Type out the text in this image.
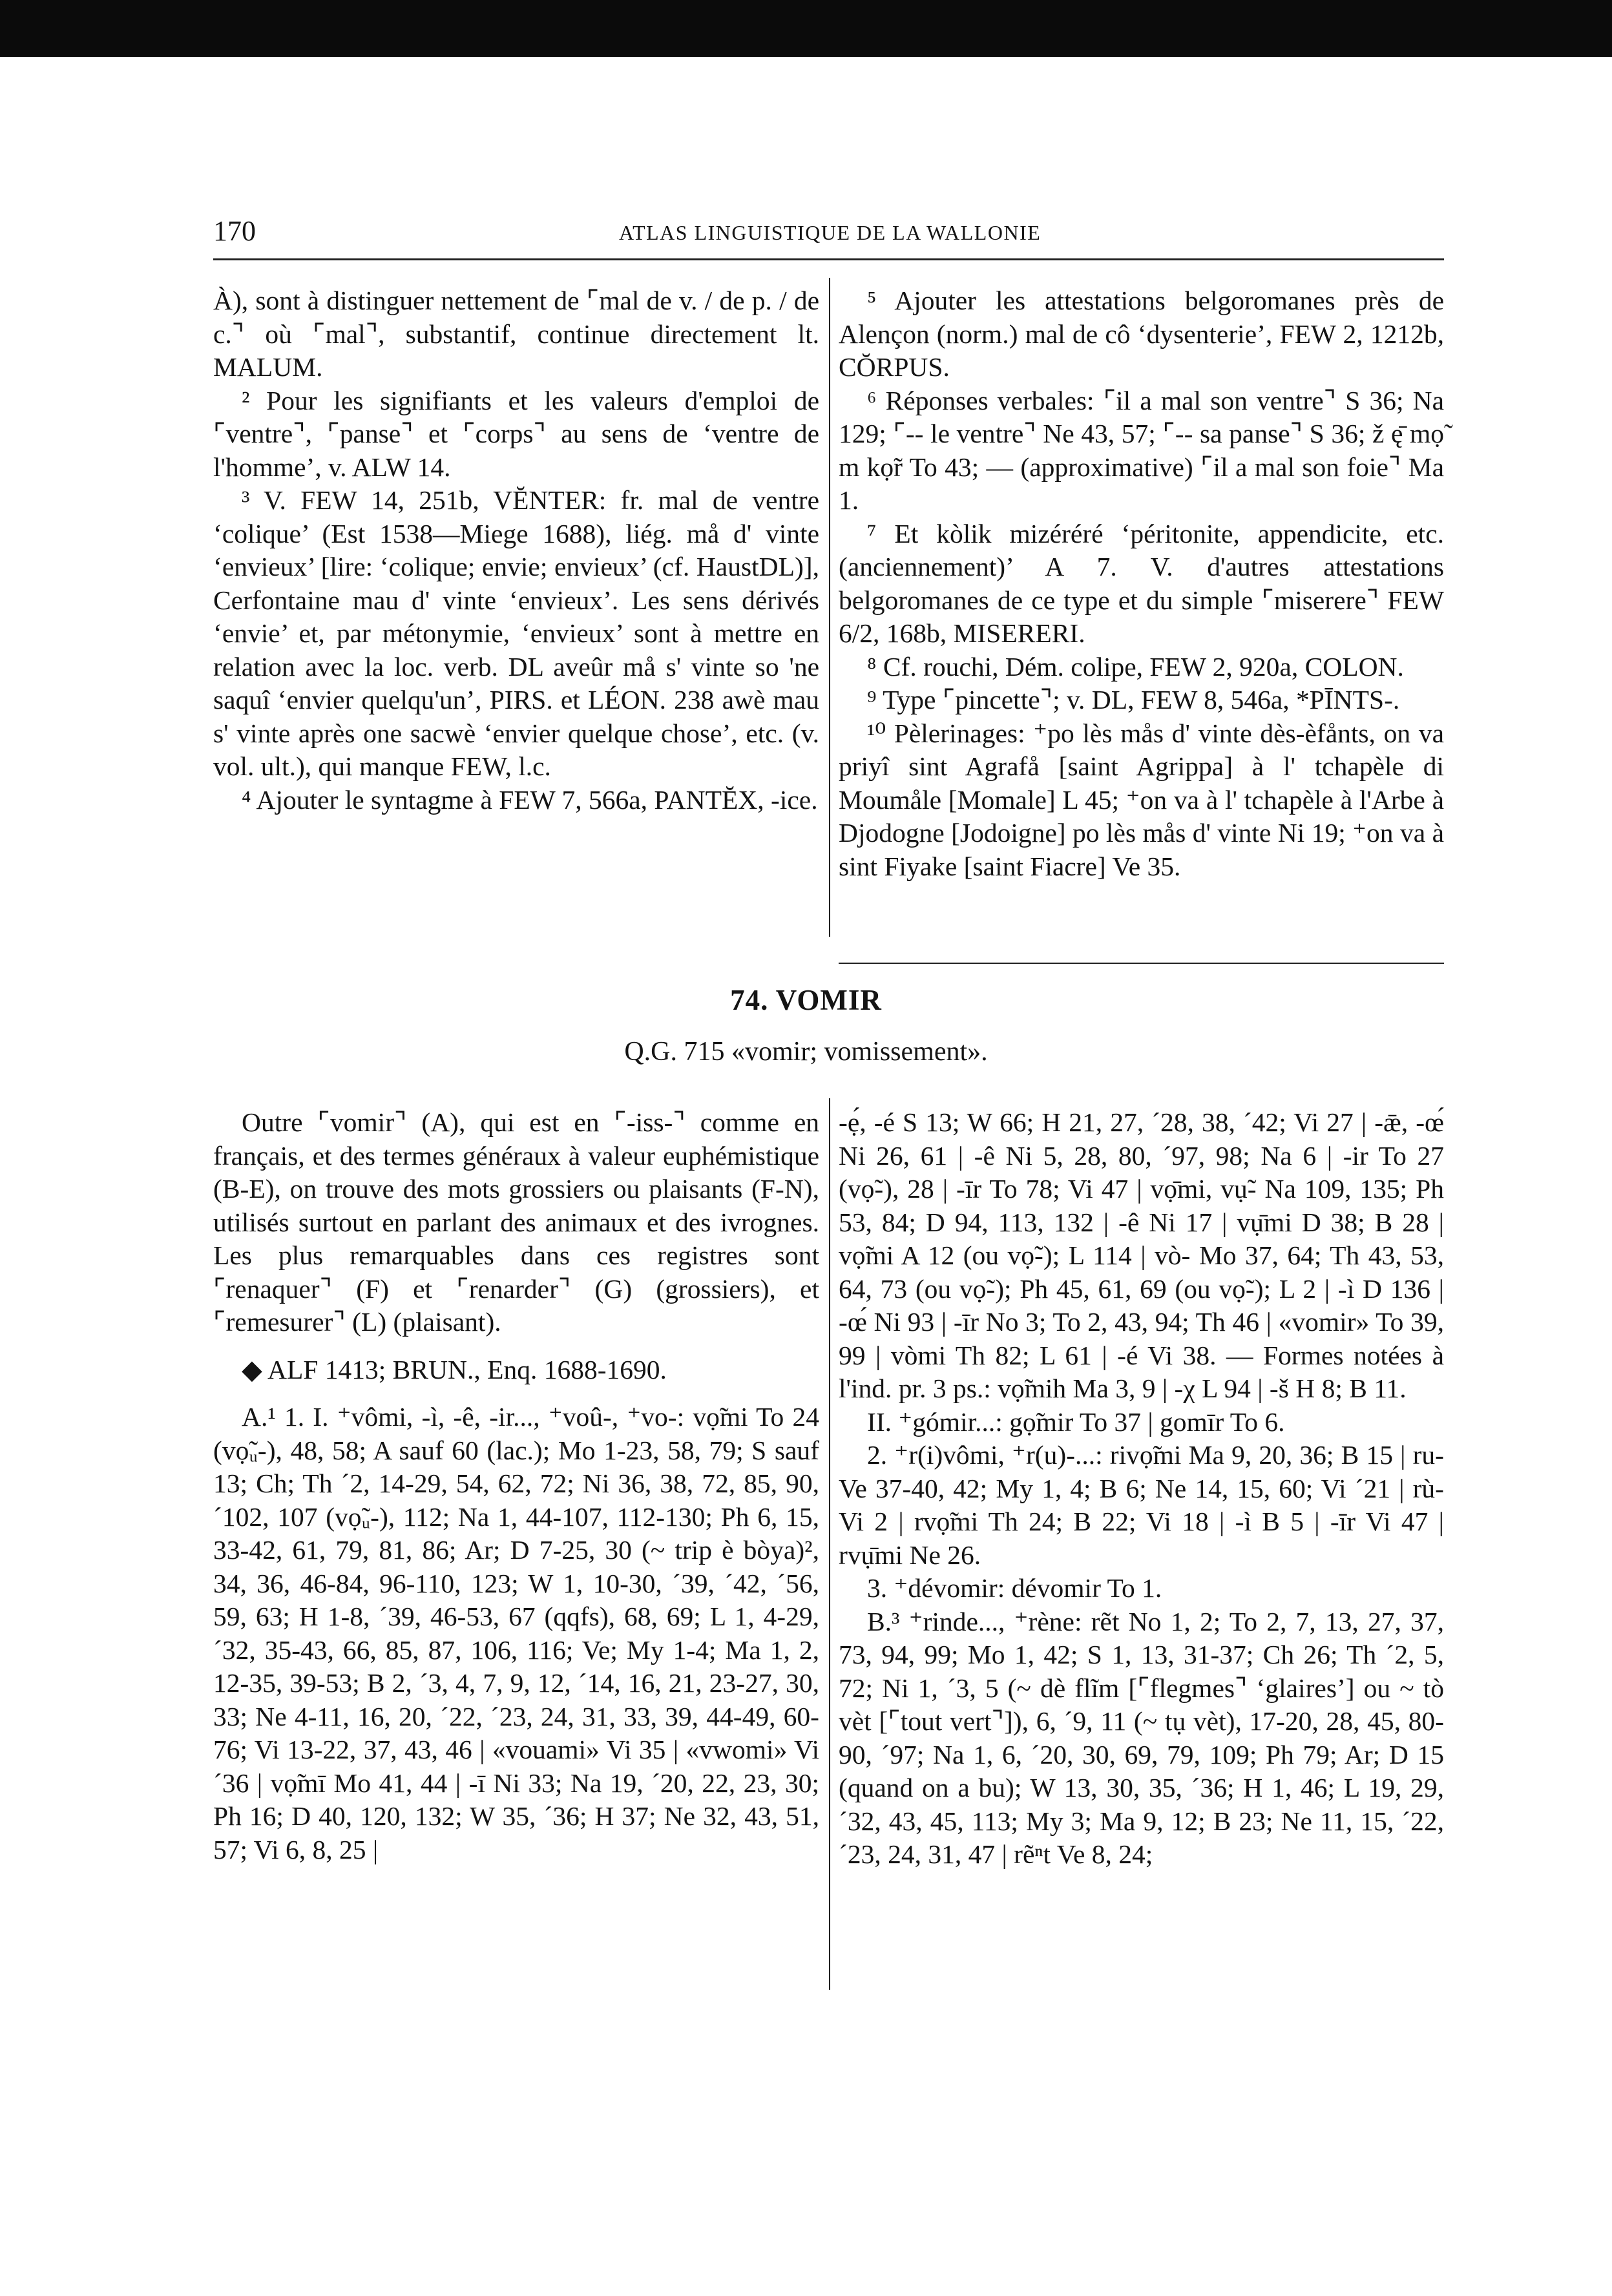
170	ATLAS LINGUISTIQUE DE LA WALLONIE

À), sont à distinguer nettement de ⌜mal de v. / de p. / de c.⌝ où ⌜mal⌝, substantif, continue directement lt. MALUM.

² Pour les signifiants et les valeurs d'emploi de ⌜ventre⌝, ⌜panse⌝ et ⌜corps⌝ au sens de ‘ventre de l'homme’, v. ALW 14.

³ V. FEW 14, 251b, VĔNTER: fr. mal de ventre ‘colique’ (Est 1538—Miege 1688), liég. må d' vinte ‘envieux’ [lire: ‘colique; envie; envieux’ (cf. HaustDL)], Cerfontaine mau d' vinte ‘envieux’. Les sens dérivés ‘envie’ et, par métonymie, ‘envieux’ sont à mettre en relation avec la loc. verb. DL aveûr må s' vinte so 'ne saquî ‘envier quelqu'un’, PIRS. et LÉON. 238 awè mau s' vinte après one sacwè ‘envier quelque chose’, etc. (v. vol. ult.), qui manque FEW, l.c.

⁴ Ajouter le syntagme à FEW 7, 566a, PANTĔX, -ice.

⁵ Ajouter les attestations belgoromanes près de Alençon (norm.) mal de cô ‘dysenterie’, FEW 2, 1212b, CŎRPUS.

⁶ Réponses verbales: ⌜il a mal son ventre⌝ S 36; Na 129; ⌜-- le ventre⌝ Ne 43, 57; ⌜-- sa panse⌝ S 36; ž ę̄ mọ̃ m kọ̃r To 43; — (approximative) ⌜il a mal son foie⌝ Ma 1.

⁷ Et kòlik mizéréré ‘péritonite, appendicite, etc. (anciennement)’ A 7. V. d'autres attestations belgoromanes de ce type et du simple ⌜miserere⌝ FEW 6/2, 168b, MISERERI.

⁸ Cf. rouchi, Dém. colipe, FEW 2, 920a, COLON.

⁹ Type ⌜pincette⌝; v. DL, FEW 8, 546a, *PĪNTS-.

¹⁰ Pèlerinages: ⁺po lès mås d' vinte dès-èfånts, on va priyî sint Agrafå [saint Agrippa] à l' tchapèle di Moumåle [Momale] L 45; ⁺on va à l' tchapèle à l'Arbe à Djodogne [Jodoigne] po lès mås d' vinte Ni 19; ⁺on va à sint Fiyake [saint Fiacre] Ve 35.

74. VOMIR
Q.G. 715 «vomir; vomissement».

Outre ⌜vomir⌝ (A), qui est en ⌜-iss-⌝ comme en français, et des termes généraux à valeur euphémistique (B-E), on trouve des mots grossiers ou plaisants (F-N), utilisés surtout en parlant des animaux et des ivrognes. Les plus remarquables dans ces registres sont ⌜renaquer⌝ (F) et ⌜renarder⌝ (G) (grossiers), et ⌜remesurer⌝ (L) (plaisant).

◆ ALF 1413; BRUN., Enq. 1688-1690.

A.¹ 1. I. ⁺vômi, -ì, -ê, -ir..., ⁺voû-, ⁺vo-: vọ̃mi To 24 (vọ̃ᵤ-), 48, 58; A sauf 60 (lac.); Mo 1-23, 58, 79; S sauf 13; Ch; Th ´2, 14-29, 54, 62, 72; Ni 36, 38, 72, 85, 90, ´102, 107 (vọ̃ᵤ-), 112; Na 1, 44-107, 112-130; Ph 6, 15, 33-42, 61, 79, 81, 86; Ar; D 7-25, 30 (~ trip è bòya)², 34, 36, 46-84, 96-110, 123; W 1, 10-30, ´39, ´42, ´56, 59, 63; H 1-8, ´39, 46-53, 67 (qqfs), 68, 69; L 1, 4-29, ´32, 35-43, 66, 85, 87, 106, 116; Ve; My 1-4; Ma 1, 2, 12-35, 39-53; B 2, ´3, 4, 7, 9, 12, ´14, 16, 21, 23-27, 30, 33; Ne 4-11, 16, 20, ´22, ´23, 24, 31, 33, 39, 44-49, 60-76; Vi 13-22, 37, 43, 46 | «vouami» Vi 35 | «vwomi» Vi ´36 | vọ̃mī Mo 41, 44 | -ī Ni 33; Na 19, ´20, 22, 23, 30; Ph 16; D 40, 120, 132; W 35, ´36; H 37; Ne 32, 43, 51, 57; Vi 6, 8, 25 |

-ẹ́, -é S 13; W 66; H 21, 27, ´28, 38, ´42; Vi 27 | -ǣ, -œ́ Ni 26, 61 | -ê Ni 5, 28, 80, ´97, 98; Na 6 | -ir To 27 (vọ̃-), 28 | -īr To 78; Vi 47 | vọ̄mi, vụ̃- Na 109, 135; Ph 53, 84; D 94, 113, 132 | -ê Ni 17 | vụ̄mi D 38; B 28 | vọ̃mi A 12 (ou vọ̃-); L 114 | vò- Mo 37, 64; Th 43, 53, 64, 73 (ou vọ̃-); Ph 45, 61, 69 (ou vọ̃-); L 2 | -ì D 136 | -œ́ Ni 93 | -īr No 3; To 2, 43, 94; Th 46 | «vomir» To 39, 99 | vòmi Th 82; L 61 | -é Vi 38. — Formes notées à l'ind. pr. 3 ps.: vọ̃mih Ma 3, 9 | -χ L 94 | -š H 8; B 11.

II. ⁺gómir...: gọ̃mir To 37 | gomīr To 6.

2. ⁺r(i)vômi, ⁺r(u)-...: rivọ̃mi Ma 9, 20, 36; B 15 | ru- Ve 37-40, 42; My 1, 4; B 6; Ne 14, 15, 60; Vi ´21 | rù- Vi 2 | rvọ̃mi Th 24; B 22; Vi 18 | -ì B 5 | -īr Vi 47 | rvụ̄mi Ne 26.

3. ⁺dévomir: dévomir To 1.

B.³ ⁺rinde..., ⁺rène: rẽt No 1, 2; To 2, 7, 13, 27, 37, 73, 94, 99; Mo 1, 42; S 1, 13, 31-37; Ch 26; Th ´2, 5, 72; Ni 1, ´3, 5 (~ dè flĩm [⌜flegmes⌝ ‘glaires’] ou ~ tò vèt [⌜tout vert⌝]), 6, ´9, 11 (~ tụ vèt), 17-20, 28, 45, 80-90, ´97; Na 1, 6, ´20, 30, 69, 79, 109; Ph 79; Ar; D 15 (quand on a bu); W 13, 30, 35, ´36; H 1, 46; L 19, 29, ´32, 43, 45, 113; My 3; Ma 9, 12; B 23; Ne 11, 15, ´22, ´23, 24, 31, 47 | rẽⁿt Ve 8, 24;
